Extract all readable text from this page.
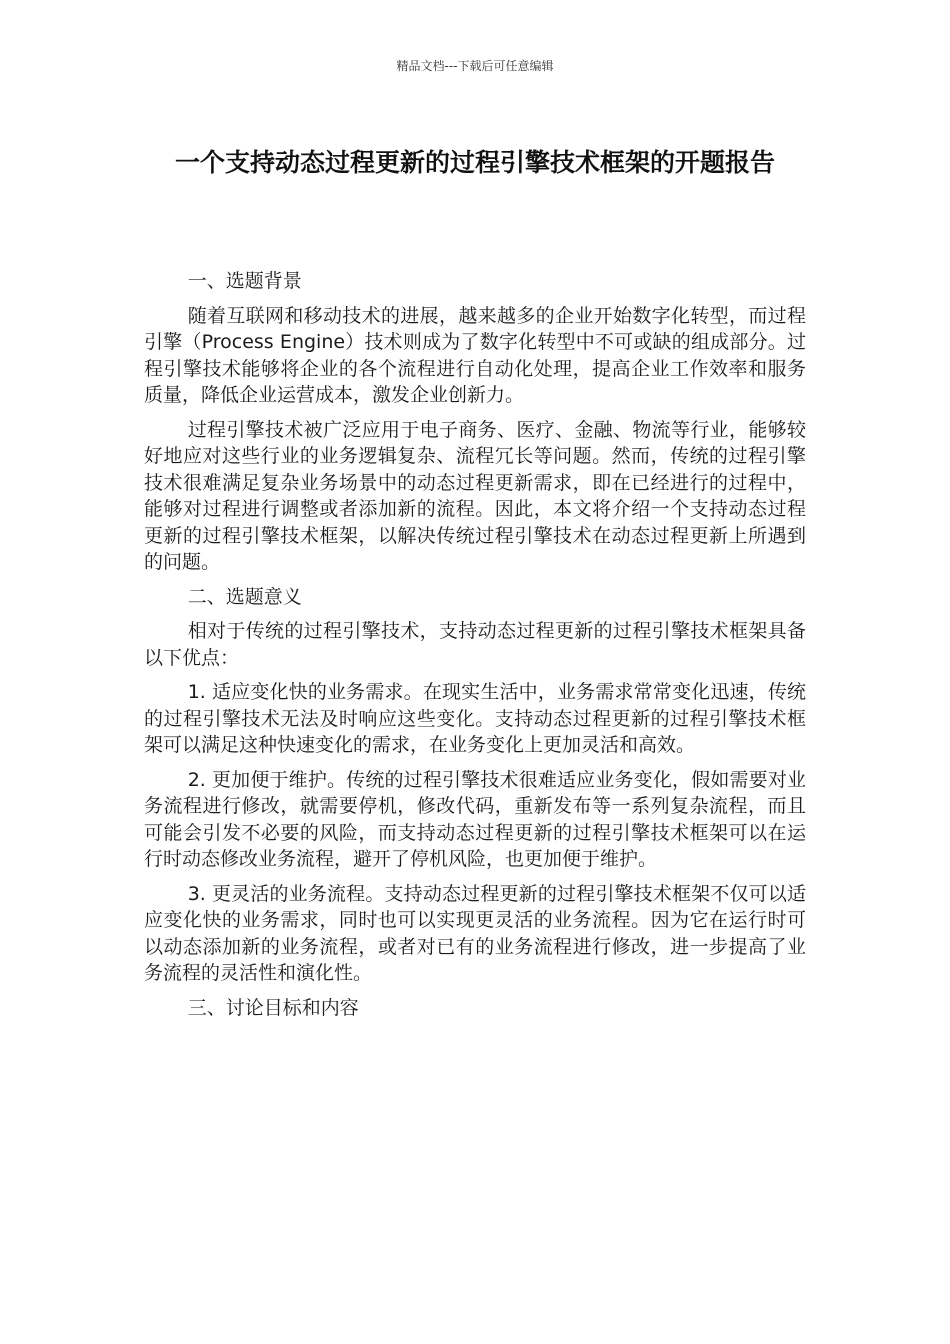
精品文档---下载后可任意编辑
一个支持动态过程更新的过程引擎技术框架的开题报告

一、选题背景

随着互联网和移动技术的进展，越来越多的企业开始数字化转型，而过程引擎（Process Engine）技术则成为了数字化转型中不可或缺的组成部分。过程引擎技术能够将企业的各个流程进行自动化处理，提高企业工作效率和服务质量，降低企业运营成本，激发企业创新力。

过程引擎技术被广泛应用于电子商务、医疗、金融、物流等行业，能够较好地应对这些行业的业务逻辑复杂、流程冗长等问题。然而，传统的过程引擎技术很难满足复杂业务场景中的动态过程更新需求，即在已经进行的过程中，能够对过程进行调整或者添加新的流程。因此，本文将介绍一个支持动态过程更新的过程引擎技术框架，以解决传统过程引擎技术在动态过程更新上所遇到的问题。

二、选题意义

相对于传统的过程引擎技术，支持动态过程更新的过程引擎技术框架具备以下优点：

1. 适应变化快的业务需求。在现实生活中，业务需求常常变化迅速，传统的过程引擎技术无法及时响应这些变化。支持动态过程更新的过程引擎技术框架可以满足这种快速变化的需求，在业务变化上更加灵活和高效。

2. 更加便于维护。传统的过程引擎技术很难适应业务变化，假如需要对业务流程进行修改，就需要停机，修改代码，重新发布等一系列复杂流程，而且可能会引发不必要的风险，而支持动态过程更新的过程引擎技术框架可以在运行时动态修改业务流程，避开了停机风险，也更加便于维护。

3. 更灵活的业务流程。支持动态过程更新的过程引擎技术框架不仅可以适应变化快的业务需求，同时也可以实现更灵活的业务流程。因为它在运行时可以动态添加新的业务流程，或者对已有的业务流程进行修改，进一步提高了业务流程的灵活性和演化性。

三、讨论目标和内容
